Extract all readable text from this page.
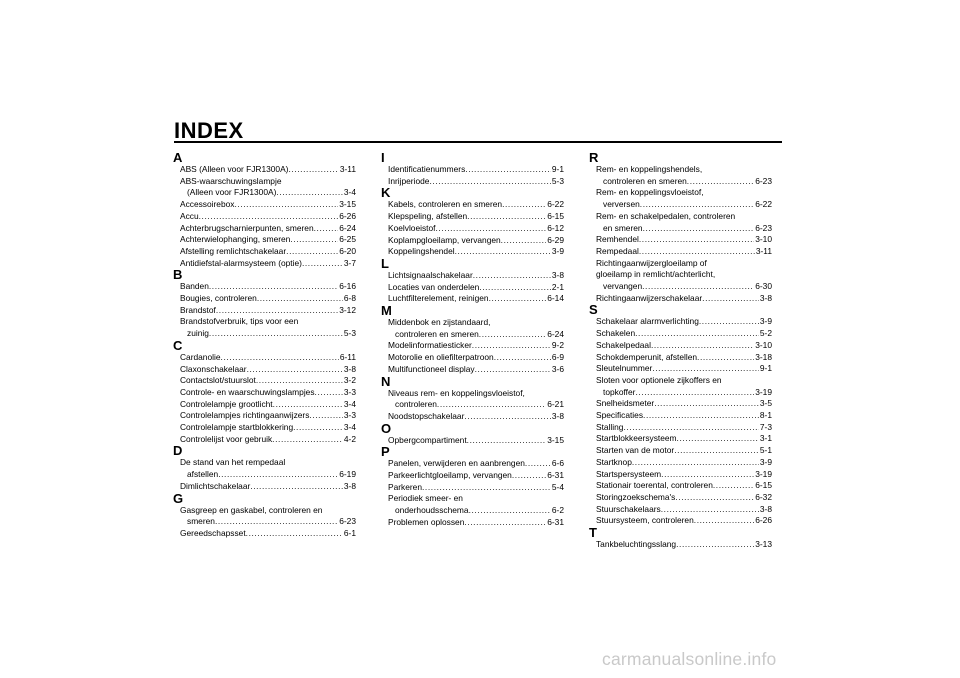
INDEX
A
ABS (Alleen voor FJR1300A) .....	3-11
ABS-waarschuwingslampje
(Alleen voor FJR1300A) .....	3-4
Accessoirebox .....	3-15
Accu .....	6-26
Achterbrugscharnierpunten, smeren .....	6-24
Achterwielophanging, smeren .....	6-25
Afstelling remlichtschakelaar .....	6-20
Antidiefstal-alarmsysteem (optie) .....	3-7
B
Banden .....	6-16
Bougies, controleren .....	6-8
Brandstof .....	3-12
Brandstofverbruik, tips voor een
zuinig .....	5-3
C
Cardanolie .....	6-11
Claxonschakelaar .....	3-8
Contactslot/stuurslot .....	3-2
Controle- en waarschuwingslampjes .....	3-3
Controlelampje grootlicht .....	3-4
Controlelampjes richtingaanwijzers .....	3-3
Controlelampje startblokkering .....	3-4
Controlelijst voor gebruik .....	4-2
D
De stand van het rempedaal
afstellen .....	6-19
Dimlichtschakelaar .....	3-8
G
Gasgreep en gaskabel, controleren en
smeren .....	6-23
Gereedschapsset .....	6-1
I
Identificatienummers .....	9-1
Inrijperiode .....	5-3
K
Kabels, controleren en smeren .....	6-22
Klepspeling, afstellen .....	6-15
Koelvloeistof .....	6-12
Koplampgloeilamp, vervangen .....	6-29
Koppelingshendel .....	3-9
L
Lichtsignaalschakelaar .....	3-8
Locaties van onderdelen .....	2-1
Luchtfilterelement, reinigen .....	6-14
M
Middenbok en zijstandaard,
controleren en smeren .....	6-24
Modelinformatiesticker .....	9-2
Motorolie en oliefilterpatroon .....	6-9
Multifunctioneel display .....	3-6
N
Niveaus rem- en koppelingsvloeistof,
controleren .....	6-21
Noodstopschakelaar .....	3-8
O
Opbergcompartiment .....	3-15
P
Panelen, verwijderen en aanbrengen .....	6-6
Parkeerlichtgloeilamp, vervangen .....	6-31
Parkeren .....	5-4
Periodiek smeer- en
onderhoudsschema .....	6-2
Problemen oplossen .....	6-31
R
Rem- en koppelingshendels,
controleren en smeren .....	6-23
Rem- en koppelingsvloeistof,
verversen .....	6-22
Rem- en schakelpedalen, controleren
en smeren .....	6-23
Remhendel .....	3-10
Rempedaal .....	3-11
Richtingaanwijzergloeilamp of
gloeilamp in remlicht/achterlicht,
vervangen .....	6-30
Richtingaanwijzerschakelaar .....	3-8
S
Schakelaar alarmverlichting .....	3-9
Schakelen .....	5-2
Schakelpedaal .....	3-10
Schokdemperunit, afstellen .....	3-18
Sleutelnummer .....	9-1
Sloten voor optionele zijkoffers en
topkoffer .....	3-19
Snelheidsmeter .....	3-5
Specificaties .....	8-1
Stalling .....	7-3
Startblokkeersysteem .....	3-1
Starten van de motor .....	5-1
Startknop .....	3-9
Startspersysteem .....	3-19
Stationair toerental, controleren .....	6-15
Storingzoekschema's .....	6-32
Stuurschakelaars .....	3-8
Stuursysteem, controleren .....	6-26
T
Tankbeluchtingsslang .....	3-13
carmanualsonline.info
